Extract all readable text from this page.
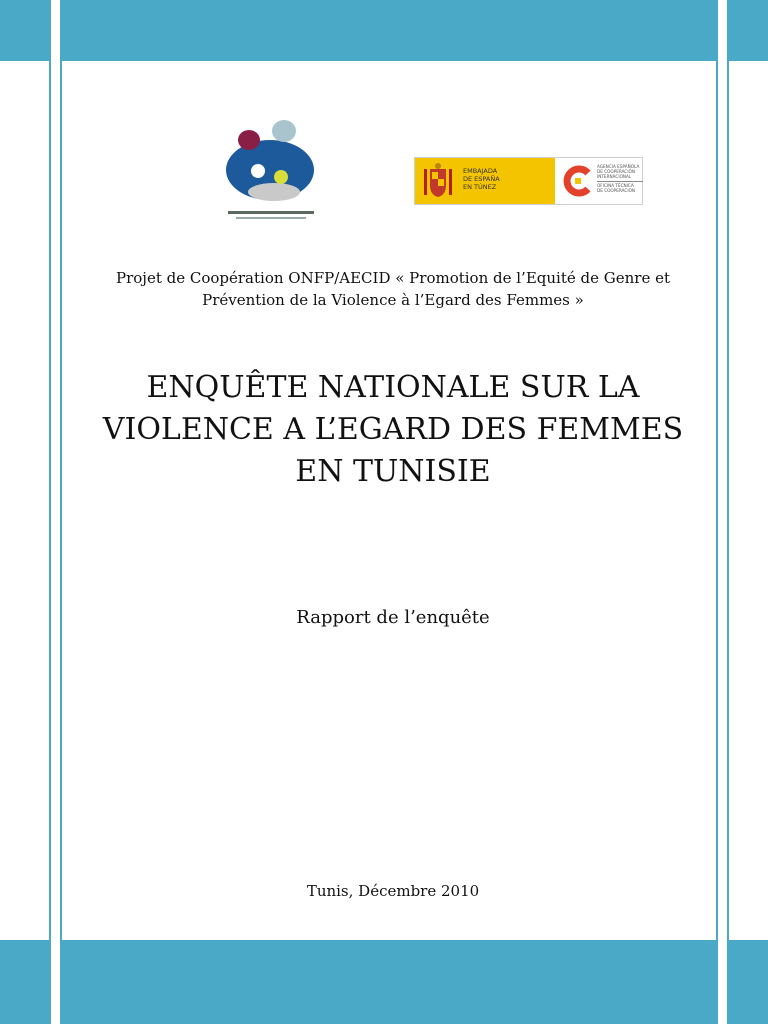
EMBAJADA
DE ESPAÑA
EN TÚNEZ
AGENCIA ESPAÑOLA
DE COOPERACIÓN
INTERNACIONAL
OFICINA TÉCNICA
DE COOPERACIÓN

Projet de Coopération ONFP/AECID « Promotion de l’Equité de Genre et
Prévention de la Violence à l’Egard des Femmes »

ENQUÊTE NATIONALE SUR LA
VIOLENCE A L’EGARD DES FEMMES
EN TUNISIE

Rapport de l’enquête

Tunis, Décembre 2010
